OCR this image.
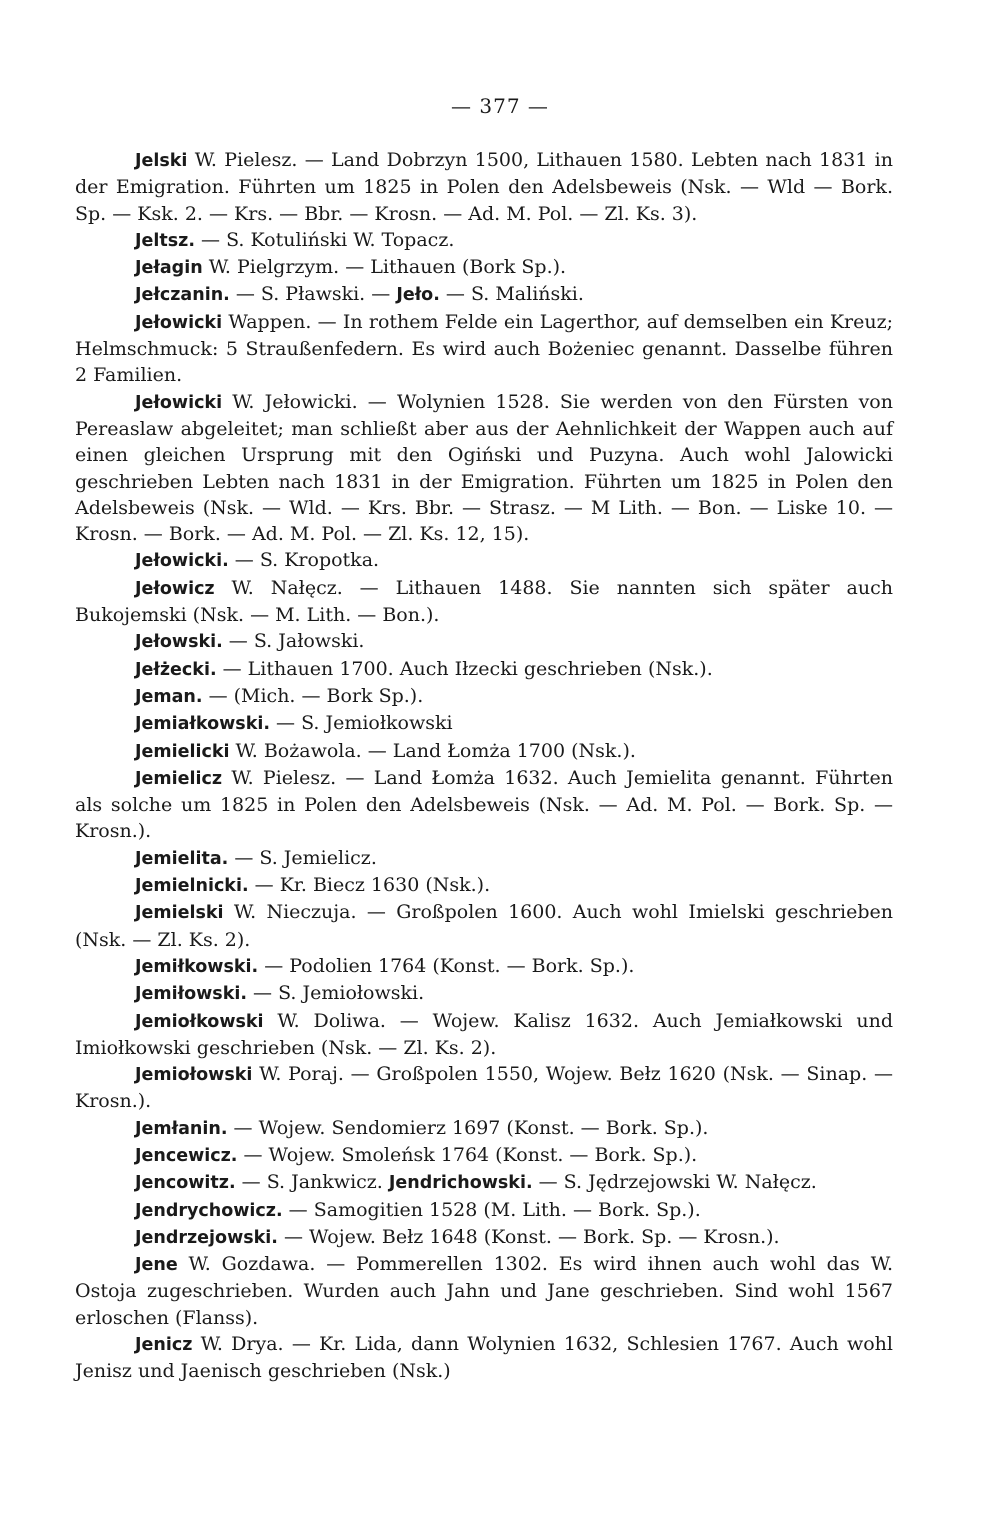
— 377 —

Jelski W. Pielesz. — Land Dobrzyn 1500, Lithauen 1580. Lebten nach 1831 in der Emigration. Führten um 1825 in Polen den Adelsbeweis (Nsk. — Wld — Bork. Sp. — Ksk. 2. — Krs. — Bbr. — Krosn. — Ad. M. Pol. — Zl. Ks. 3).

Jeltsz. — S. Kotuliński W. Topacz.

Jełagin W. Pielgrzym. — Lithauen (Bork Sp.).

Jełczanin. — S. Pławski. — Jeło. — S. Maliński.

Jełowicki Wappen. — In rothem Felde ein Lagerthor, auf demselben ein Kreuz; Helmschmuck: 5 Straußenfedern. Es wird auch Bożeniec genannt. Dasselbe führen 2 Familien.

Jełowicki W. Jełowicki. — Wolynien 1528. Sie werden von den Fürsten von Pereaslaw abgeleitet; man schließt aber aus der Aehnlichkeit der Wappen auch auf einen gleichen Ursprung mit den Ogiński und Puzyna. Auch wohl Jalowicki geschrieben Lebten nach 1831 in der Emigration. Führten um 1825 in Polen den Adelsbeweis (Nsk. — Wld. — Krs. Bbr. — Strasz. — M Lith. — Bon. — Liske 10. — Krosn. — Bork. — Ad. M. Pol. — Zl. Ks. 12, 15).

Jełowicki. — S. Kropotka.

Jełowicz W. Nałęcz. — Lithauen 1488. Sie nannten sich später auch Bukojemski (Nsk. — M. Lith. — Bon.).

Jełowski. — S. Jałowski.

Jełżecki. — Lithauen 1700. Auch Iłzecki geschrieben (Nsk.).

Jeman. — (Mich. — Bork Sp.).

Jemiałkowski. — S. Jemiołkowski

Jemielicki W. Bożawola. — Land Łomża 1700 (Nsk.).

Jemielicz W. Pielesz. — Land Łomża 1632. Auch Jemielita genannt. Führten als solche um 1825 in Polen den Adelsbeweis (Nsk. — Ad. M. Pol. — Bork. Sp. — Krosn.).

Jemielita. — S. Jemielicz.

Jemielnicki. — Kr. Biecz 1630 (Nsk.).

Jemielski W. Nieczuja. — Großpolen 1600. Auch wohl Imielski geschrieben (Nsk. — Zl. Ks. 2).

Jemiłkowski. — Podolien 1764 (Konst. — Bork. Sp.).

Jemiłowski. — S. Jemiołowski.

Jemiołkowski W. Doliwa. — Wojew. Kalisz 1632. Auch Jemiałkowski und Imiołkowski geschrieben (Nsk. — Zl. Ks. 2).

Jemiołowski W. Poraj. — Großpolen 1550, Wojew. Bełz 1620 (Nsk. — Sinap. — Krosn.).

Jemłanin. — Wojew. Sendomierz 1697 (Konst. — Bork. Sp.).

Jencewicz. — Wojew. Smoleńsk 1764 (Konst. — Bork. Sp.).

Jencowitz. — S. Jankwicz. Jendrichowski. — S. Jędrzejowski W. Nałęcz.

Jendrychowicz. — Samogitien 1528 (M. Lith. — Bork. Sp.).

Jendrzejowski. — Wojew. Bełz 1648 (Konst. — Bork. Sp. — Krosn.).

Jene W. Gozdawa. — Pommerellen 1302. Es wird ihnen auch wohl das W. Ostoja zugeschrieben. Wurden auch Jahn und Jane geschrieben. Sind wohl 1567 erloschen (Flanss).

Jenicz W. Drya. — Kr. Lida, dann Wolynien 1632, Schlesien 1767. Auch wohl Jenisz und Jaenisch geschrieben (Nsk.)
